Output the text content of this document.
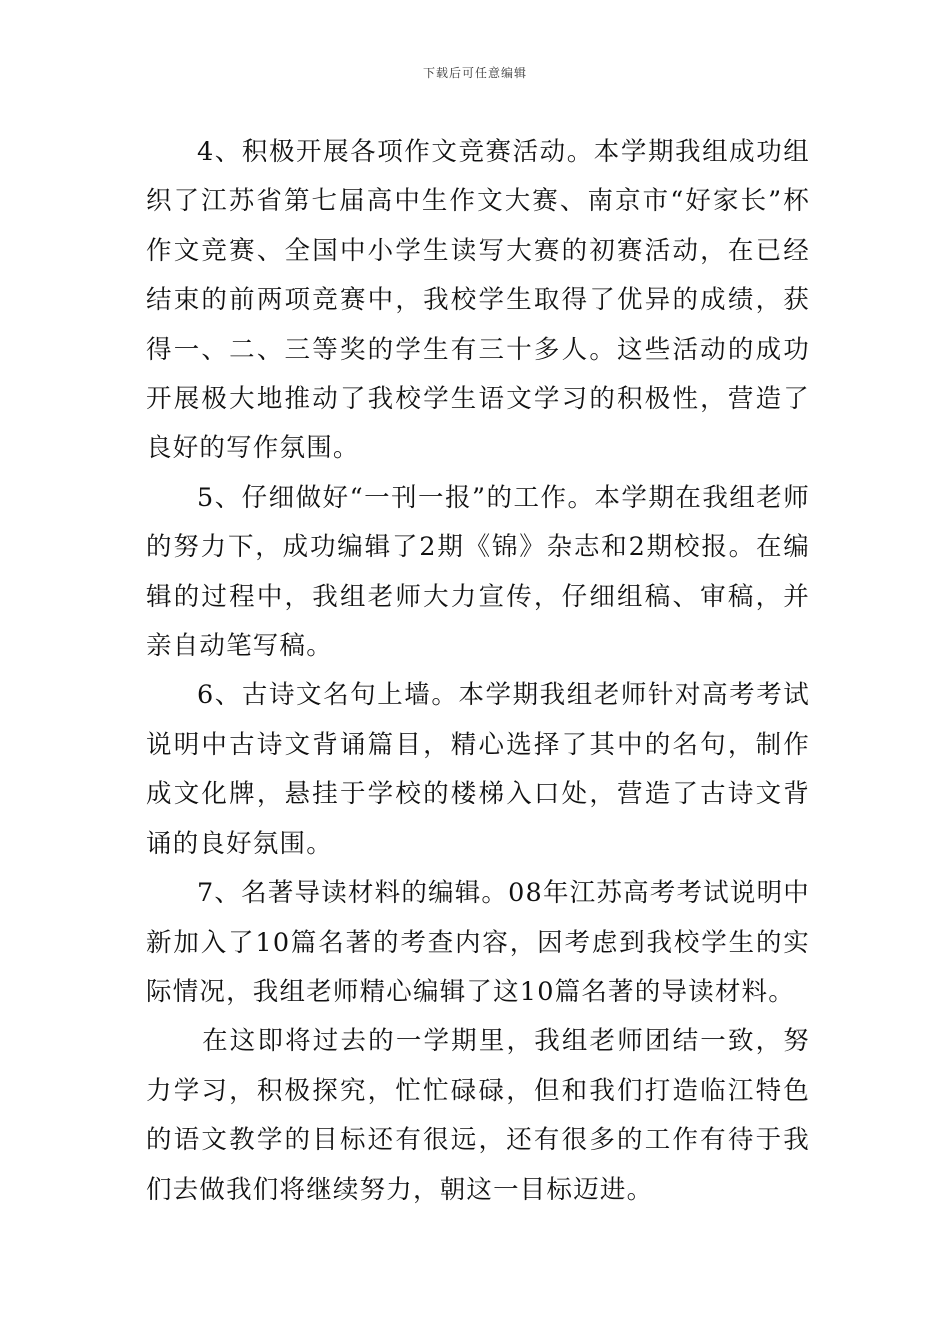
下载后可任意编辑

4、积极开展各项作文竞赛活动。本学期我组成功组织了江苏省第七届高中生作文大赛、南京市“好家长”杯作文竞赛、全国中小学生读写大赛的初赛活动，在已经结束的前两项竞赛中，我校学生取得了优异的成绩，获得一、二、三等奖的学生有三十多人。这些活动的成功开展极大地推动了我校学生语文学习的积极性，营造了良好的写作氛围。

5、仔细做好“一刊一报”的工作。本学期在我组老师的努力下，成功编辑了2期《锦》杂志和2期校报。在编辑的过程中，我组老师大力宣传，仔细组稿、审稿，并亲自动笔写稿。

6、古诗文名句上墙。本学期我组老师针对高考考试说明中古诗文背诵篇目，精心选择了其中的名句，制作成文化牌，悬挂于学校的楼梯入口处，营造了古诗文背诵的良好氛围。

7、名著导读材料的编辑。08年江苏高考考试说明中新加入了10篇名著的考查内容，因考虑到我校学生的实际情况，我组老师精心编辑了这10篇名著的导读材料。

在这即将过去的一学期里，我组老师团结一致，努力学习，积极探究，忙忙碌碌，但和我们打造临江特色的语文教学的目标还有很远，还有很多的工作有待于我们去做我们将继续努力，朝这一目标迈进。
